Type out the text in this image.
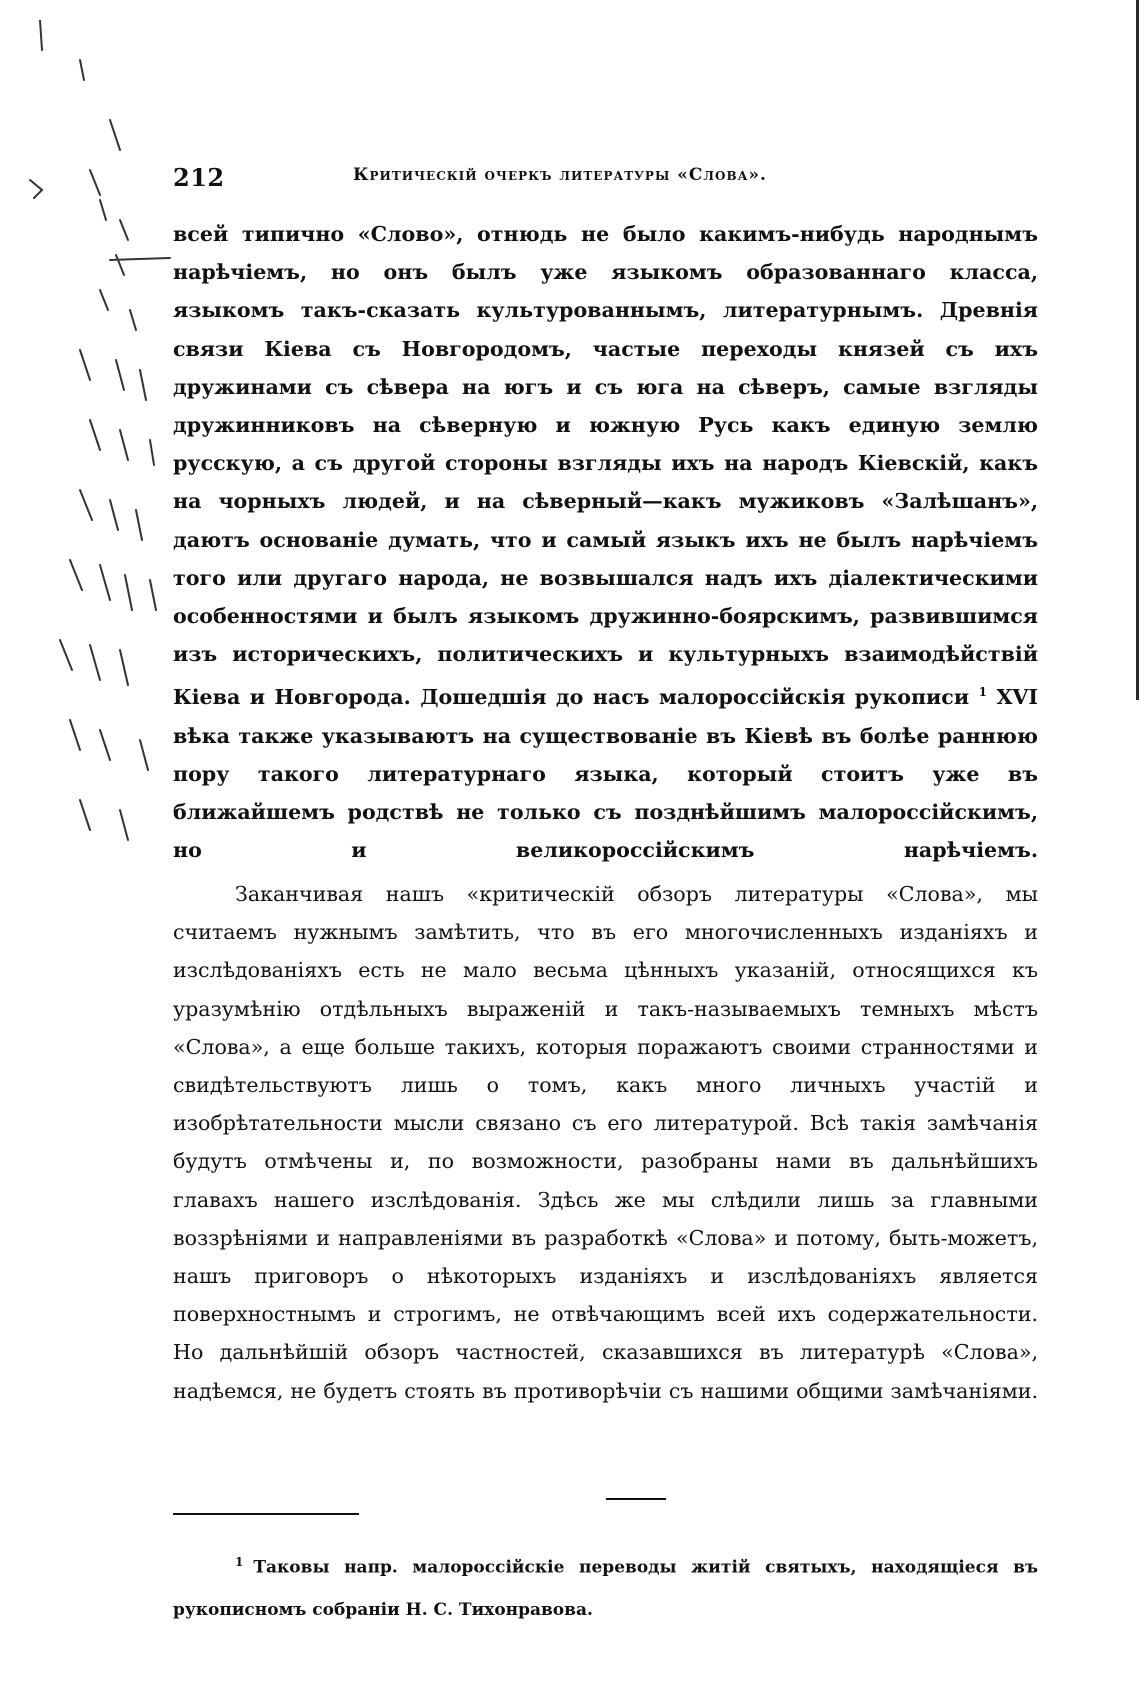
212	Критическій очеркъ литературы «Слова».

всей типично «Слово», отнюдь не было какимъ-нибудь народнымъ нарѣчіемъ, но онъ былъ уже языкомъ образованнаго класса, языкомъ такъ-сказать культурованнымъ, литературнымъ. Древнія связи Кіева съ Новгородомъ, частые переходы князей съ ихъ дружинами съ сѣвера на югъ и съ юга на сѣверъ, самые взгляды дружинниковъ на сѣверную и южную Русь какъ единую землю русскую, а съ другой стороны взгляды ихъ на народъ Кіевскій, какъ на чорныхъ людей, и на сѣверный—какъ мужиковъ «Залѣшанъ», даютъ основаніе думать, что и самый языкъ ихъ не былъ нарѣчіемъ того или другаго народа, не возвышался надъ ихъ діалектическими особенностями и былъ языкомъ дружинно-боярскимъ, развившимся изъ историческихъ, политическихъ и культурныхъ взаимодѣйствій Кіева и Новгорода. Дошедшія до насъ малороссійскія рукописи $^1$ XVI вѣка также указываютъ на существованіе въ Кіевѣ въ болѣе раннюю пору такого литературнаго языка, который стоитъ уже въ ближайшемъ родствѣ не только съ позднѣйшимъ малороссійскимъ, но и великороссійскимъ нарѣчіемъ.

Заканчивая нашъ «критическій обзоръ литературы «Слова», мы считаемъ нужнымъ замѣтить, что въ его многочисленныхъ изданіяхъ и изслѣдованіяхъ есть не мало весьма цѣнныхъ указаній, относящихся къ уразумѣнію отдѣльныхъ выраженій и такъ-называемыхъ темныхъ мѣстъ «Слова», а еще больше такихъ, которыя поражаютъ своими странностями и свидѣтельствуютъ лишь о томъ, какъ много личныхъ участій и изобрѣтательности мысли связано съ его литературой. Всѣ такія замѣчанія будутъ отмѣчены и, по возможности, разобраны нами въ дальнѣйшихъ главахъ нашего изслѣдованія. Здѣсь же мы слѣдили лишь за главными воззрѣніями и направленіями въ разработкѣ «Слова» и потому, быть-можетъ, нашъ приговоръ о нѣкоторыхъ изданіяхъ и изслѣдованіяхъ является поверхностнымъ и строгимъ, не отвѣчающимъ всей ихъ содержательности. Но дальнѣйшій обзоръ частностей, сказавшихся въ литературѣ «Слова», надѣемся, не будетъ стоять въ противорѣчіи съ нашими общими замѣчаніями.

$^1$ Таковы напр. малороссійскіе переводы житій святыхъ, находящіеся въ рукописномъ собраніи Н. С. Тихонравова.
